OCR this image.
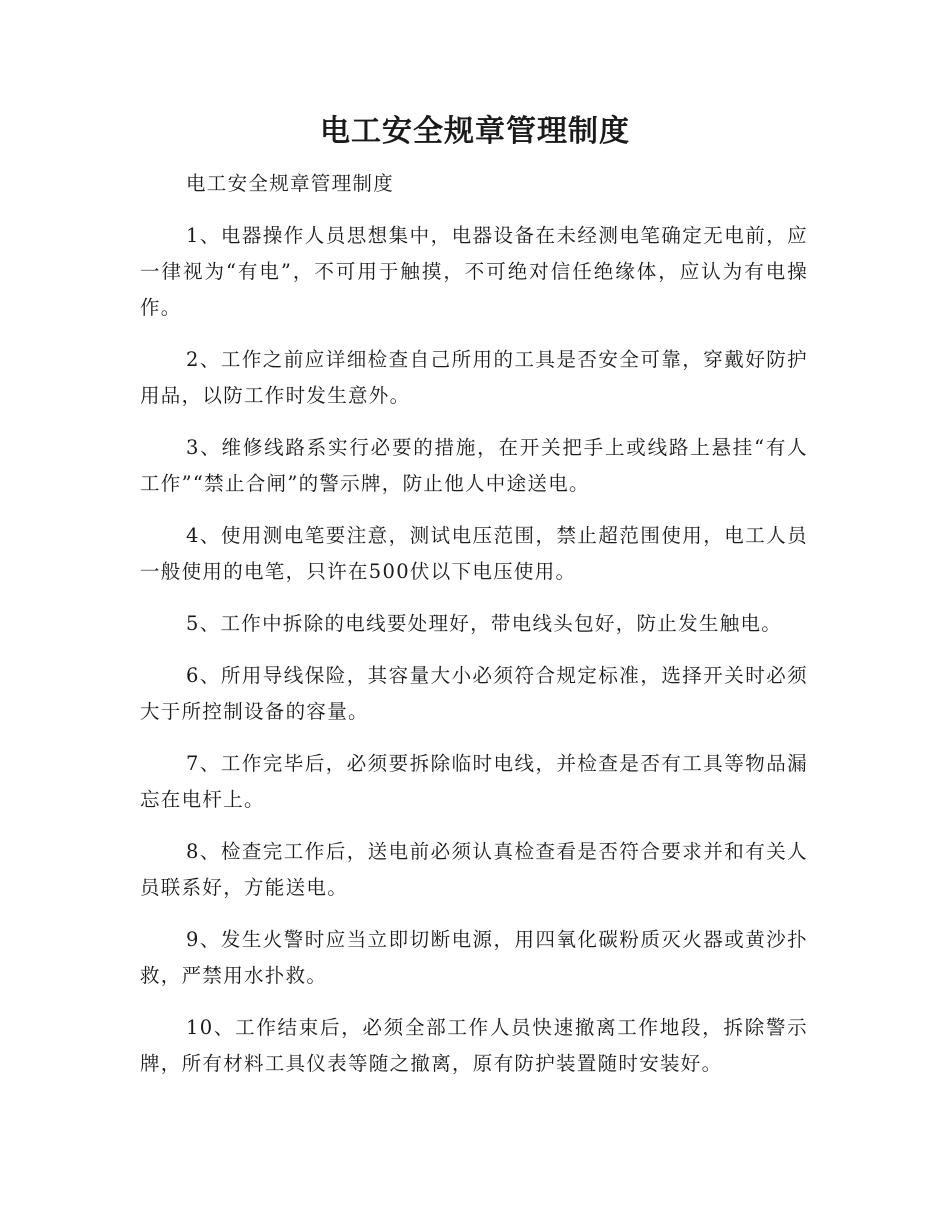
电工安全规章管理制度

电工安全规章管理制度

1、电器操作人员思想集中，电器设备在未经测电笔确定无电前，应一律视为“有电”，不可用于触摸，不可绝对信任绝缘体，应认为有电操作。

2、工作之前应详细检查自己所用的工具是否安全可靠，穿戴好防护用品，以防工作时发生意外。

3、维修线路系实行必要的措施，在开关把手上或线路上悬挂“有人工作”“禁止合闸”的警示牌，防止他人中途送电。

4、使用测电笔要注意，测试电压范围，禁止超范围使用，电工人员一般使用的电笔，只许在500伏以下电压使用。

5、工作中拆除的电线要处理好，带电线头包好，防止发生触电。

6、所用导线保险，其容量大小必须符合规定标准，选择开关时必须大于所控制设备的容量。

7、工作完毕后，必须要拆除临时电线，并检查是否有工具等物品漏忘在电杆上。

8、检查完工作后，送电前必须认真检查看是否符合要求并和有关人员联系好，方能送电。

9、发生火警时应当立即切断电源，用四氧化碳粉质灭火器或黄沙扑救，严禁用水扑救。

10、工作结束后，必须全部工作人员快速撤离工作地段，拆除警示牌，所有材料工具仪表等随之撤离，原有防护装置随时安装好。
